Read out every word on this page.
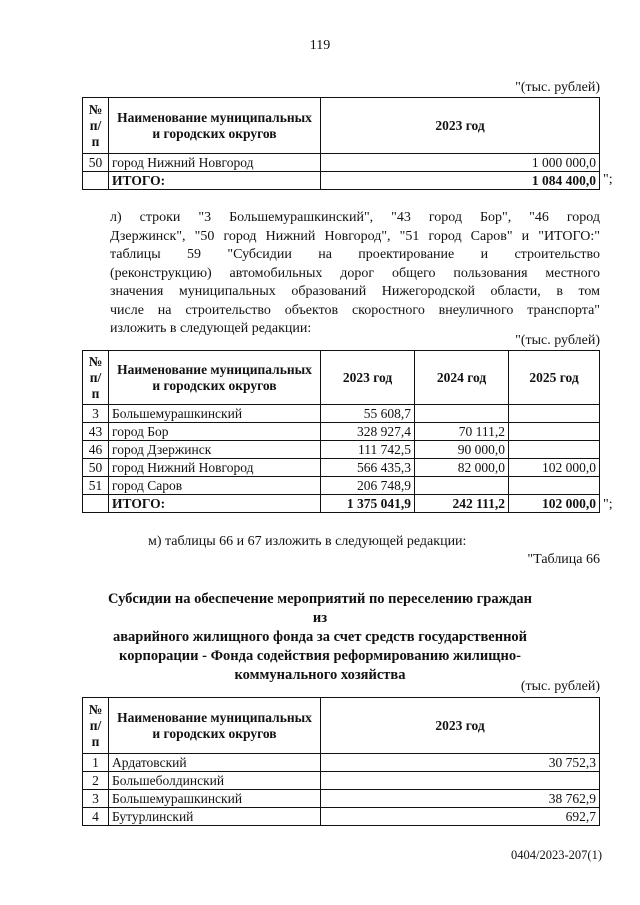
119
"(тыс. рублей)
№ п/п	Наименование муниципальных и городских округов	2023 год
50	город Нижний Новгород	1 000 000,0
	ИТОГО:	1 084 400,0 ";
л) строки "3 Большемурашкинский", "43 город Бор", "46 город
Дзержинск", "50 город Нижний Новгород", "51 город Саров" и "ИТОГО:"
таблицы 59 "Субсидии на проектирование и строительство
(реконструкцию) автомобильных дорог общего пользования местного
значения муниципальных образований Нижегородской области, в том
числе на строительство объектов скоростного внеуличного транспорта"
изложить в следующей редакции:
"(тыс. рублей)
№ п/п	Наименование муниципальных и городских округов	2023 год	2024 год	2025 год
3	Большемурашкинский	55 608,7		
43	город Бор	328 927,4	70 111,2	
46	город Дзержинск	111 742,5	90 000,0	
50	город Нижний Новгород	566 435,3	82 000,0	102 000,0
51	город Саров	206 748,9		
	ИТОГО:	1 375 041,9	242 111,2	102 000,0 ";
м) таблицы 66 и 67 изложить в следующей редакции:
"Таблица 66
Субсидии на обеспечение мероприятий по переселению граждан из
аварийного жилищного фонда за счет средств государственной
корпорации - Фонда содействия реформированию жилищно-
коммунального хозяйства
(тыс. рублей)
№ п/п	Наименование муниципальных и городских округов	2023 год
1	Ардатовский	30 752,3
2	Большеболдинский	
3	Большемурашкинский	38 762,9
4	Бутурлинский	692,7
0404/2023-207(1)
